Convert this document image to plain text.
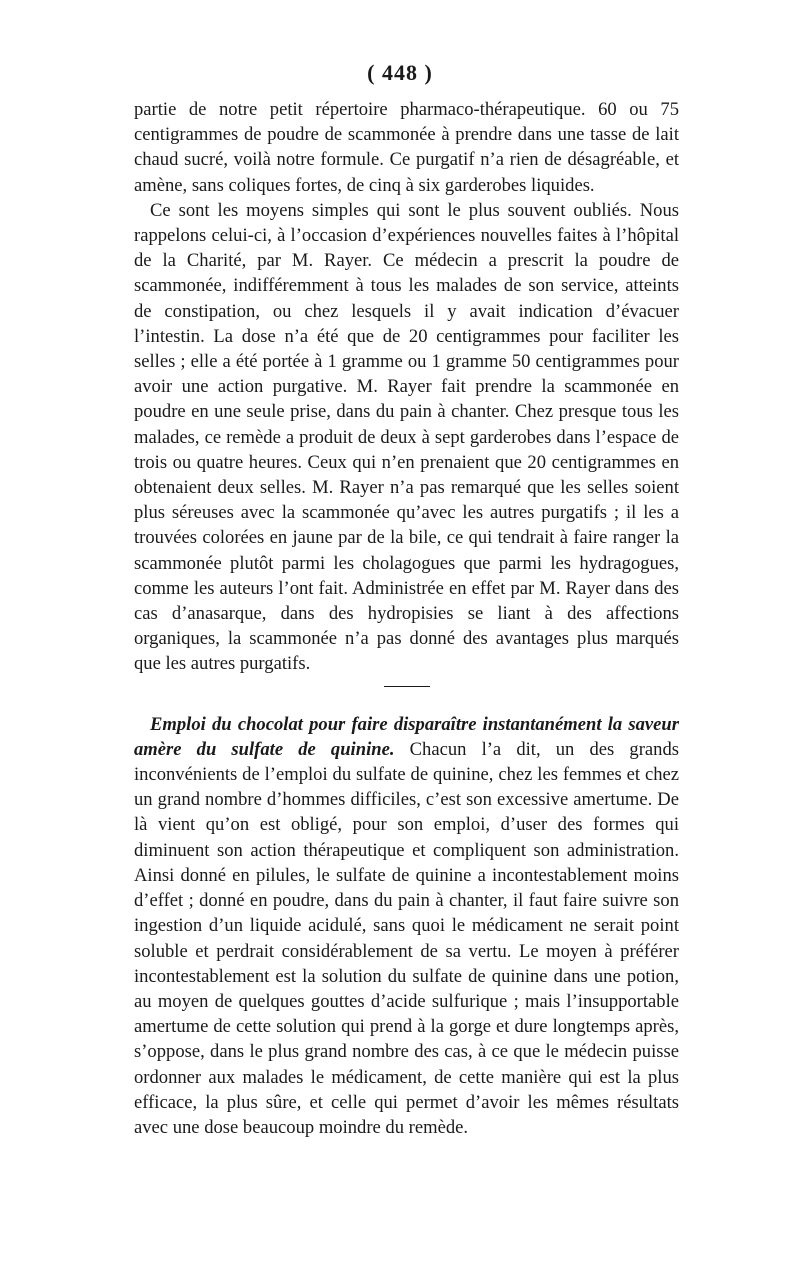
( 448 )

partie de notre petit répertoire pharmaco-thérapeutique. 60 ou 75 centigrammes de poudre de scammonée à prendre dans une tasse de lait chaud sucré, voilà notre formule. Ce purgatif n’a rien de désagréable, et amène, sans coliques fortes, de cinq à six garderobes liquides.

Ce sont les moyens simples qui sont le plus souvent oubliés. Nous rappelons celui-ci, à l’occasion d’expériences nouvelles faites à l’hôpital de la Charité, par M. Rayer. Ce médecin a prescrit la poudre de scammonée, indifféremment à tous les malades de son service, atteints de constipation, ou chez lesquels il y avait indication d’évacuer l’intestin. La dose n’a été que de 20 centigrammes pour faciliter les selles ; elle a été portée à 1 gramme ou 1 gramme 50 centigrammes pour avoir une action purgative. M. Rayer fait prendre la scammonée en poudre en une seule prise, dans du pain à chanter. Chez presque tous les malades, ce remède a produit de deux à sept garderobes dans l’espace de trois ou quatre heures. Ceux qui n’en prenaient que 20 centigrammes en obtenaient deux selles. M. Rayer n’a pas remarqué que les selles soient plus séreuses avec la scammonée qu’avec les autres purgatifs ; il les a trouvées colorées en jaune par de la bile, ce qui tendrait à faire ranger la scammonée plutôt parmi les cholagogues que parmi les hydragogues, comme les auteurs l’ont fait. Administrée en effet par M. Rayer dans des cas d’anasarque, dans des hydropisies se liant à des affections organiques, la scammonée n’a pas donné des avantages plus marqués que les autres purgatifs.

Emploi du chocolat pour faire disparaître instantanément la saveur amère du sulfate de quinine. Chacun l’a dit, un des grands inconvénients de l’emploi du sulfate de quinine, chez les femmes et chez un grand nombre d’hommes difficiles, c’est son excessive amertume. De là vient qu’on est obligé, pour son emploi, d’user des formes qui diminuent son action thérapeutique et compliquent son administration. Ainsi donné en pilules, le sulfate de quinine a incontestablement moins d’effet ; donné en poudre, dans du pain à chanter, il faut faire suivre son ingestion d’un liquide acidulé, sans quoi le médicament ne serait point soluble et perdrait considérablement de sa vertu. Le moyen à préférer incontestablement est la solution du sulfate de quinine dans une potion, au moyen de quelques gouttes d’acide sulfurique ; mais l’insupportable amertume de cette solution qui prend à la gorge et dure longtemps après, s’oppose, dans le plus grand nombre des cas, à ce que le médecin puisse ordonner aux malades le médicament, de cette manière qui est la plus efficace, la plus sûre, et celle qui permet d’avoir les mêmes résultats avec une dose beaucoup moindre du remède.
